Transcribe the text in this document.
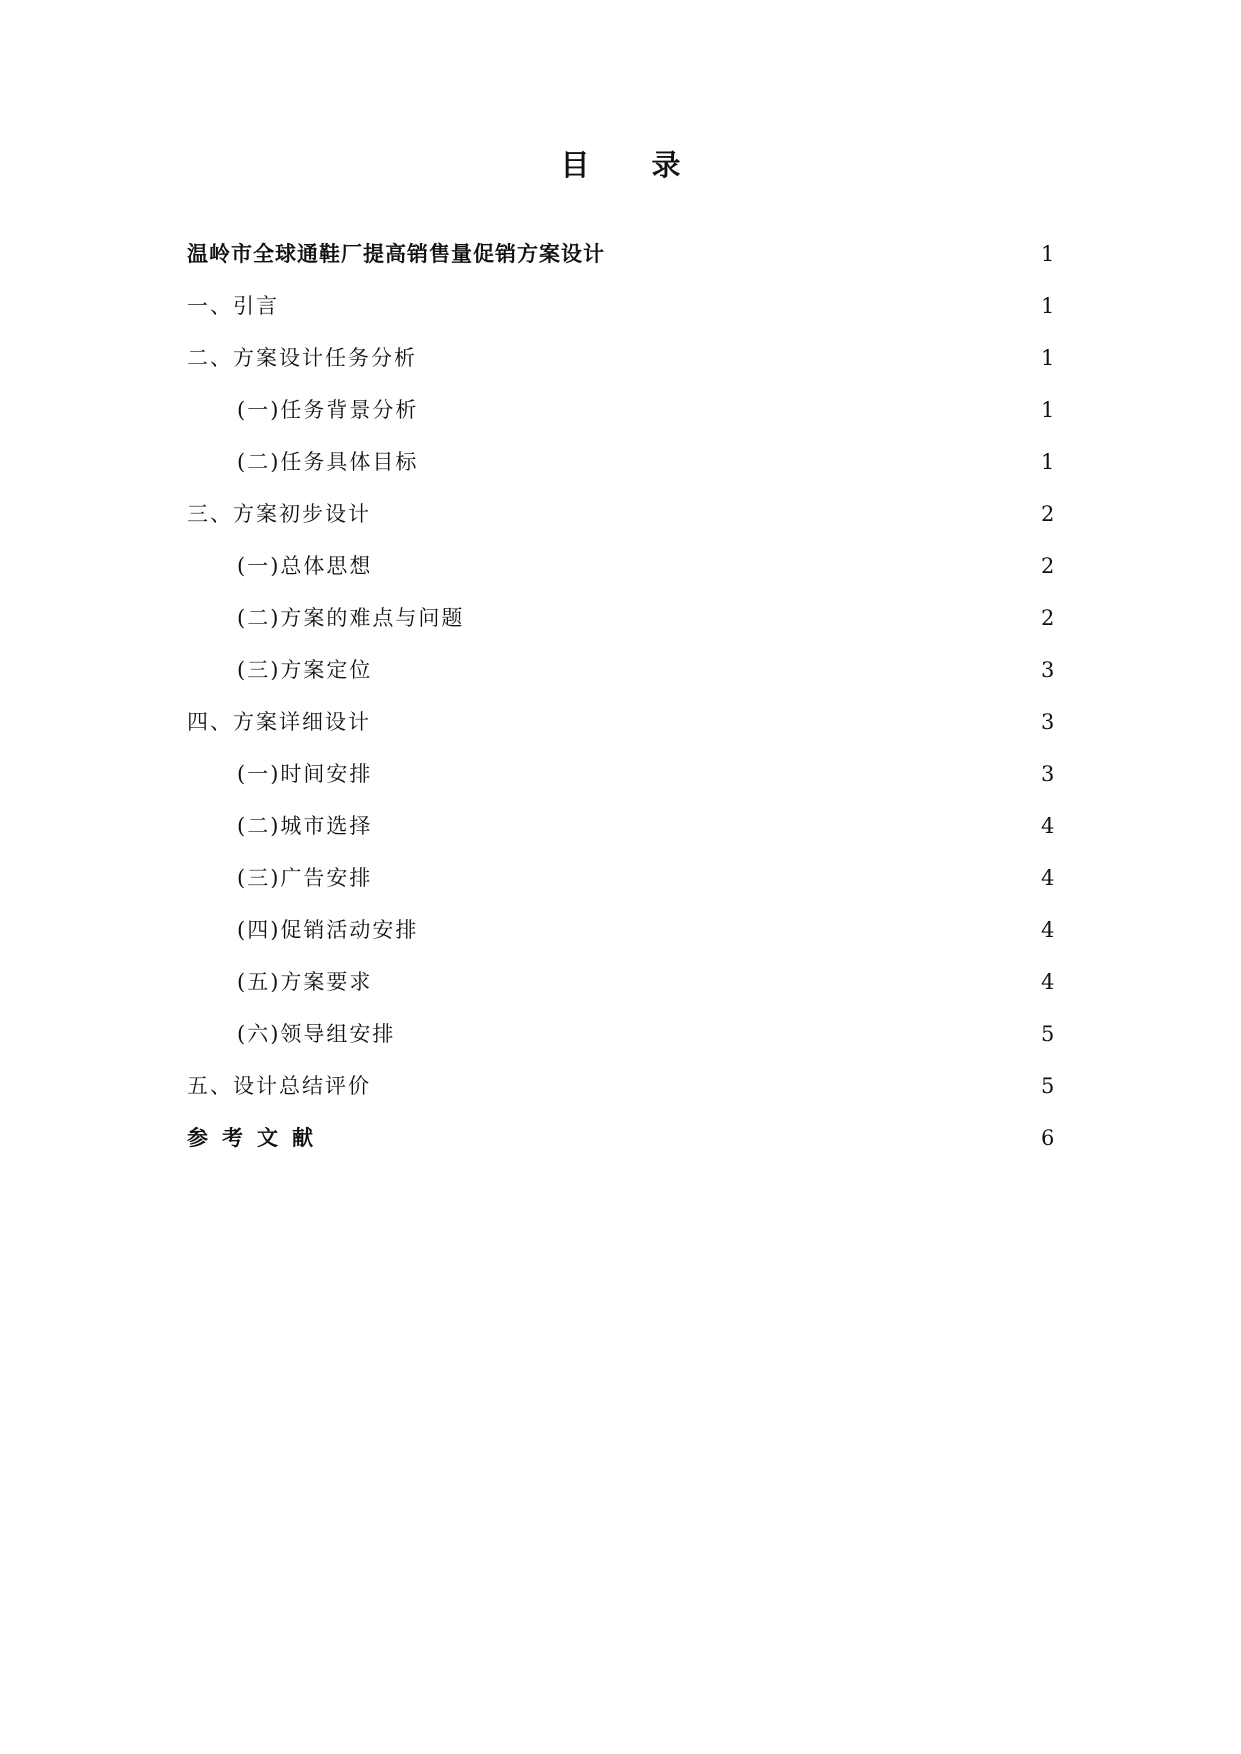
目 录
温岭市全球通鞋厂提高销售量促销方案设计	1
一、引言	1
二、方案设计任务分析	1
(一)任务背景分析	1
(二)任务具体目标	1
三、方案初步设计	2
(一)总体思想	2
(二)方案的难点与问题	2
(三)方案定位	3
四、方案详细设计	3
(一)时间安排	3
(二)城市选择	4
(三)广告安排	4
(四)促销活动安排	4
(五)方案要求	4
(六)领导组安排	5
五、设计总结评价	5
参考文献	6
